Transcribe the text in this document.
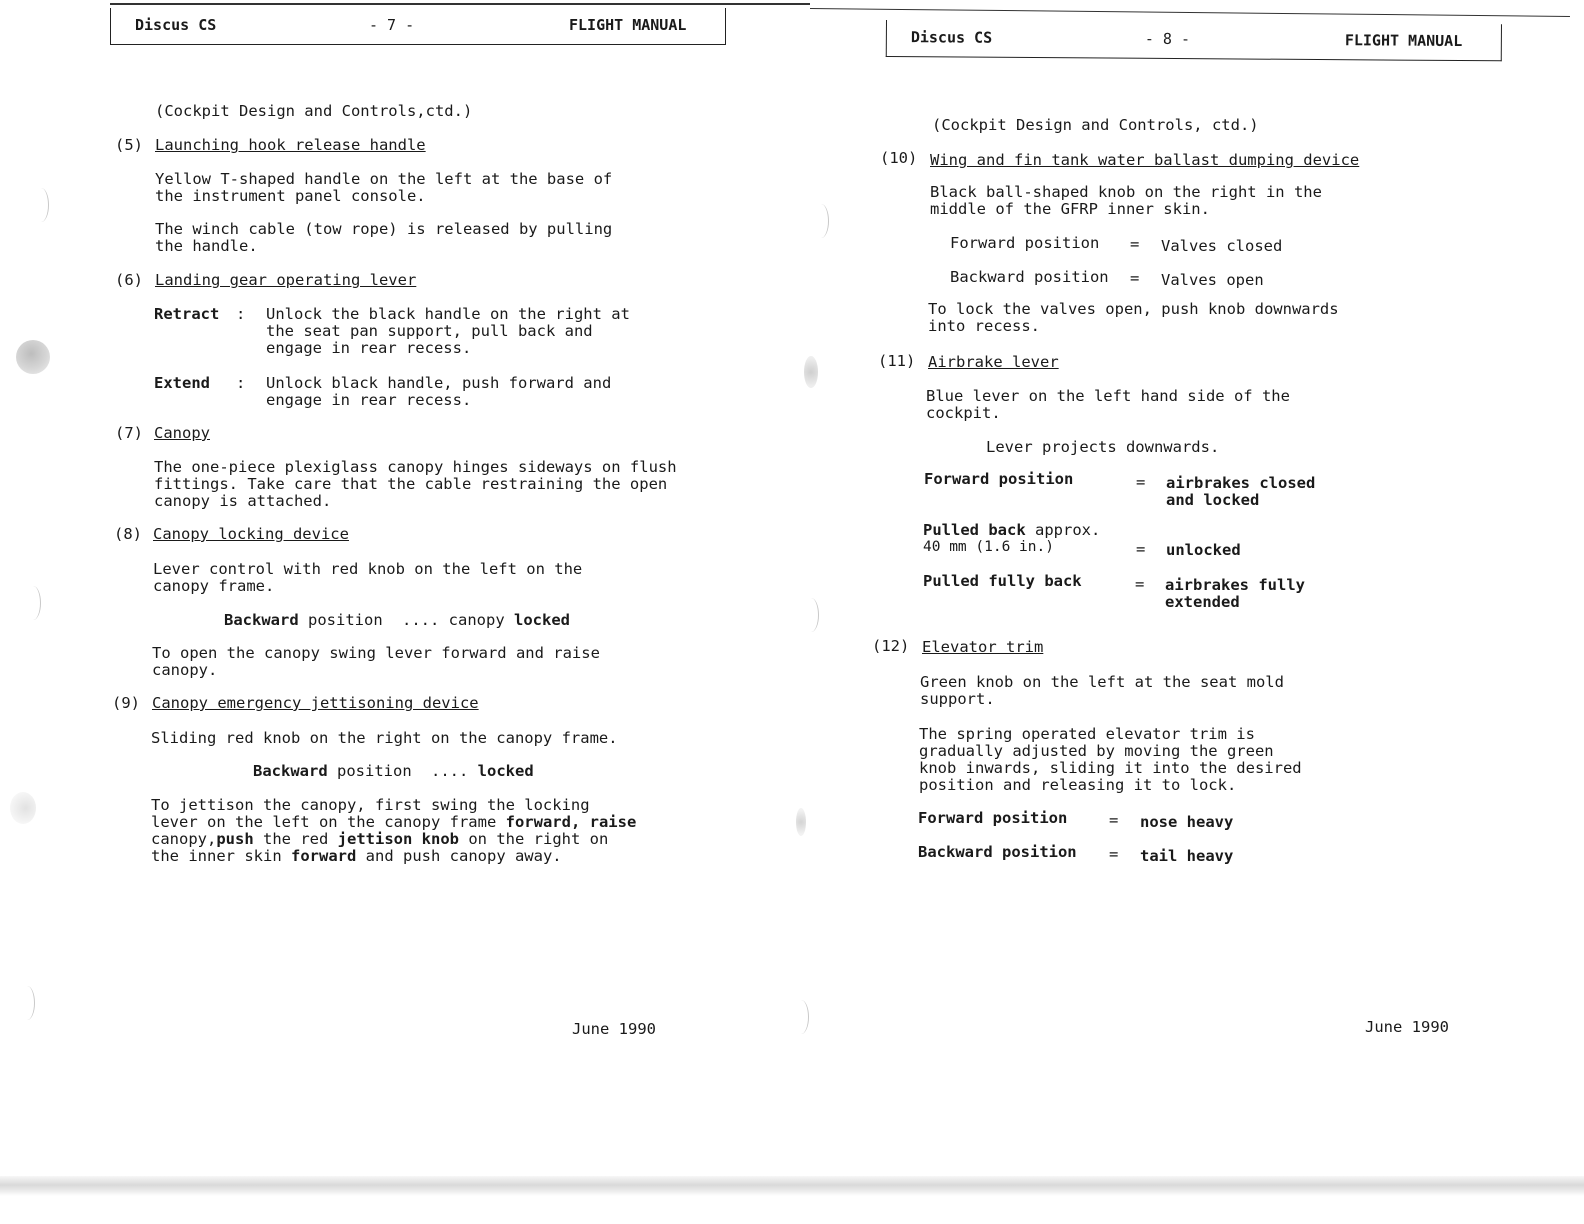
Discus CS	- 7 -	FLIGHT MANUAL
(Cockpit Design and Controls,ctd.)
(5) Launching hook release handle
Yellow T-shaped handle on the left at the base of
the instrument panel console.
The winch cable (tow rope) is released by pulling
the handle.
(6) Landing gear operating lever
Retract : Unlock the black handle on the right at
the seat pan support, pull back and
engage in rear recess.
Extend : Unlock black handle, push forward and
engage in rear recess.
(7) Canopy
The one-piece plexiglass canopy hinges sideways on flush
fittings. Take care that the cable restraining the open
canopy is attached.
(8) Canopy locking device
Lever control with red knob on the left on the
canopy frame.
Backward position .... canopy locked
To open the canopy swing lever forward and raise
canopy.
(9) Canopy emergency jettisoning device
Sliding red knob on the right on the canopy frame.
Backward position .... locked
To jettison the canopy, first swing the locking
lever on the left on the canopy frame forward, raise
canopy,push the red jettison knob on the right on
the inner skin forward and push canopy away.
June 1990
Discus CS	- 8 -	FLIGHT MANUAL
(Cockpit Design and Controls, ctd.)
(10) Wing and fin tank water ballast dumping device
Black ball-shaped knob on the right in the
middle of the GFRP inner skin.
Forward position = Valves closed
Backward position = Valves open
To lock the valves open, push knob downwards
into recess.
(11) Airbrake lever
Blue lever on the left hand side of the
cockpit.
Lever projects downwards.
Forward position	= airbrakes closed
and locked
Pulled back approx.
40 mm (1.6 in.)	= unlocked
Pulled fully back	= airbrakes fully
extended
(12) Elevator trim
Green knob on the left at the seat mold
support.
The spring operated elevator trim is
gradually adjusted by moving the green
knob inwards, sliding it into the desired
position and releasing it to lock.
Forward position	= nose heavy
Backward position = tail heavy
June 1990
